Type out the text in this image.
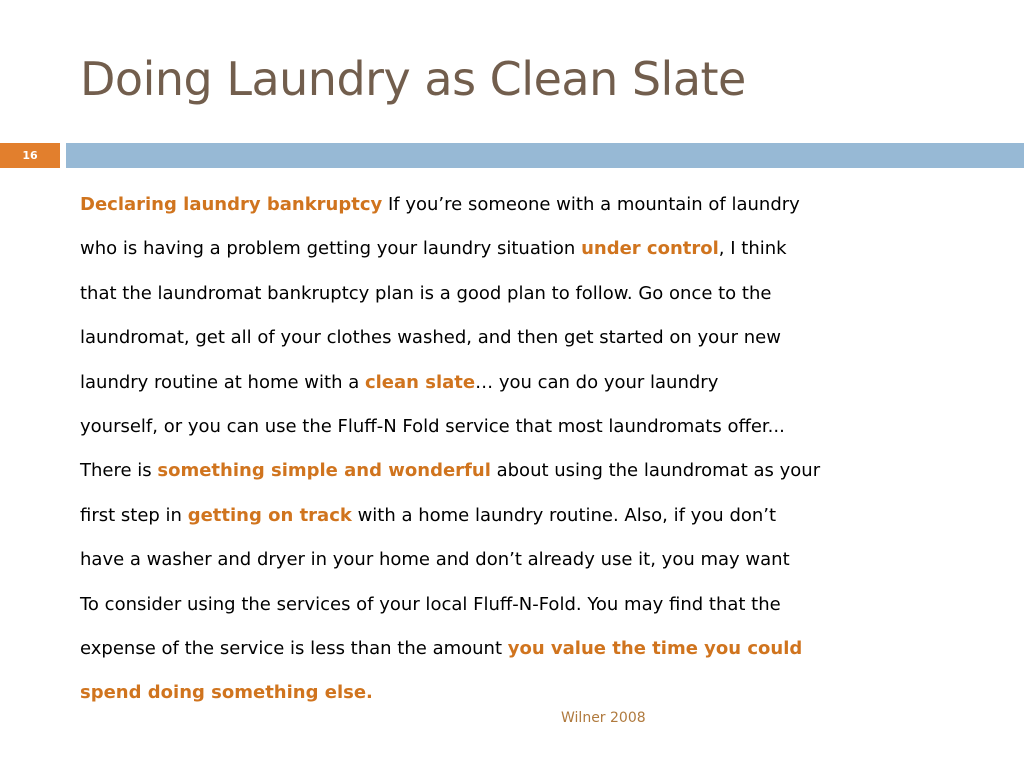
Doing Laundry as Clean Slate
16
Declaring laundry bankruptcy If you’re someone with a mountain of laundry
who is having a problem getting your laundry situation under control, I think
that the laundromat bankruptcy plan is a good plan to follow. Go once to the
laundromat, get all of your clothes washed, and then get started on your new
laundry routine at home with a clean slate… you can do your laundry
yourself, or you can use the Fluff-N Fold service that most laundromats offer...
There is something simple and wonderful about using the laundromat as your
first step in getting on track with a home laundry routine. Also, if you don’t
have a washer and dryer in your home and don’t already use it, you may want
To consider using the services of your local Fluff-N-Fold. You may find that the
expense of the service is less than the amount you value the time you could
spend doing something else.
Wilner 2008
